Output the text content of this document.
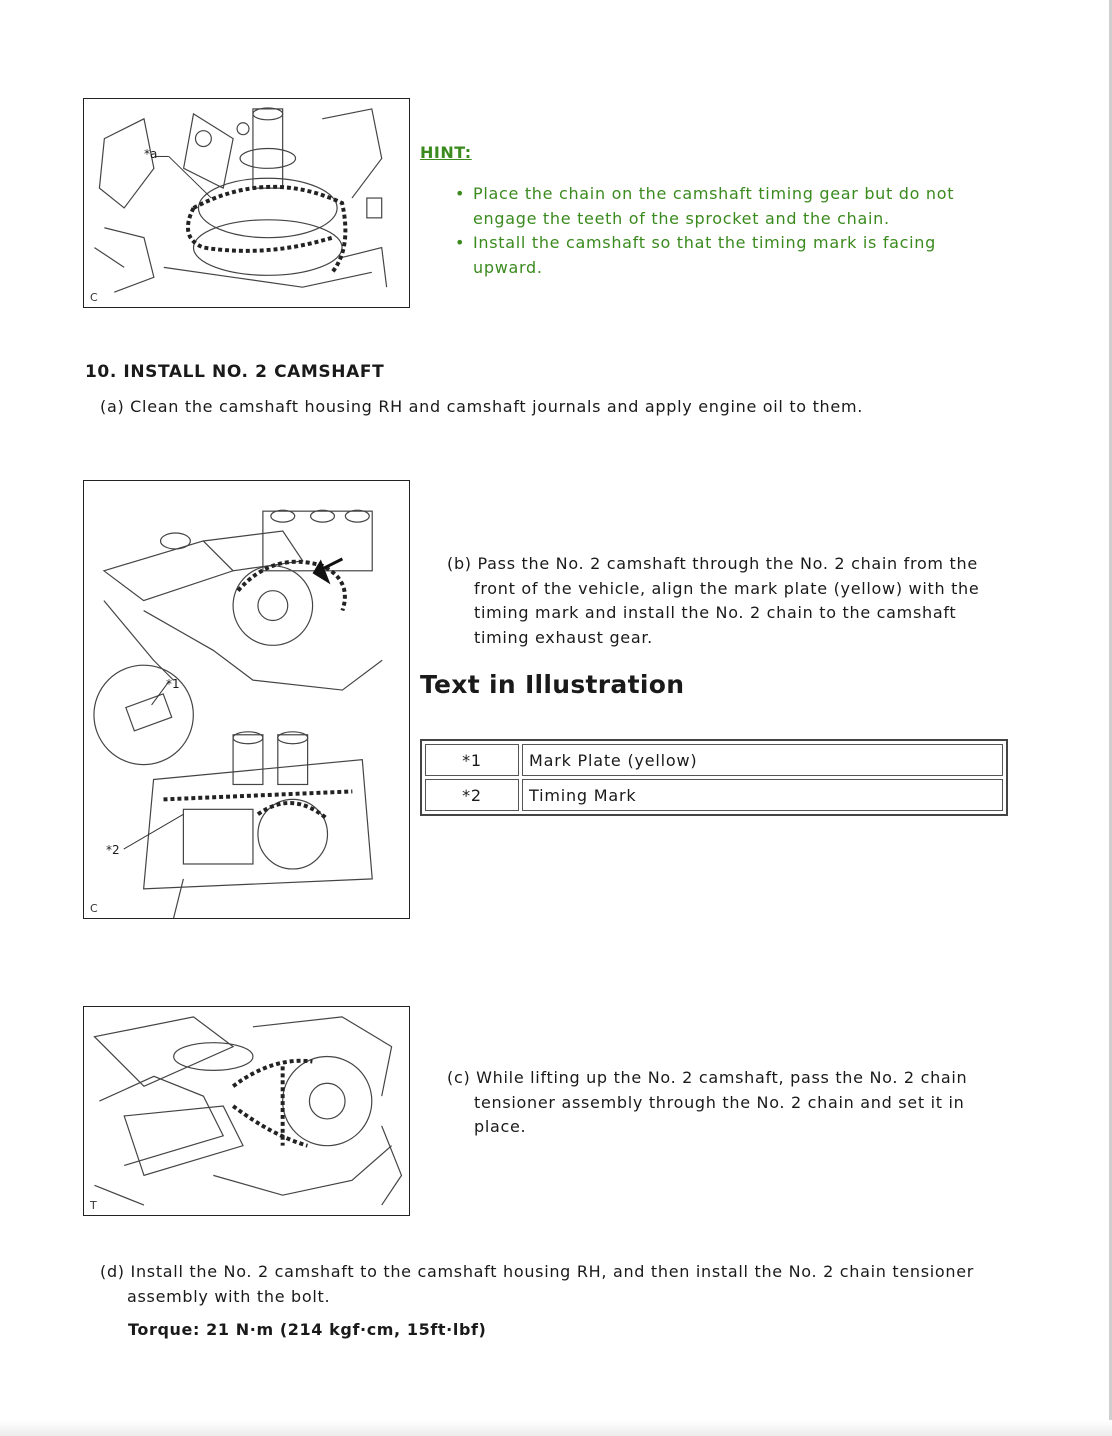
*a
C
HINT:
• Place the chain on the camshaft timing gear but do not engage the teeth of the sprocket and the chain.
• Install the camshaft so that the timing mark is facing upward.
10. INSTALL NO. 2 CAMSHAFT
(a) Clean the camshaft housing RH and camshaft journals and apply engine oil to them.
*1
*2
C
(b) Pass the No. 2 camshaft through the No. 2 chain from the
front of the vehicle, align the mark plate (yellow) with the
timing mark and install the No. 2 chain to the camshaft
timing exhaust gear.
Text in Illustration
*1	Mark Plate (yellow)
*2	Timing Mark
T
(c) While lifting up the No. 2 camshaft, pass the No. 2 chain
tensioner assembly through the No. 2 chain and set it in
place.
(d) Install the No. 2 camshaft to the camshaft housing RH, and then install the No. 2 chain tensioner
assembly with the bolt.
Torque: 21 N·m (214 kgf·cm, 15ft·lbf)
